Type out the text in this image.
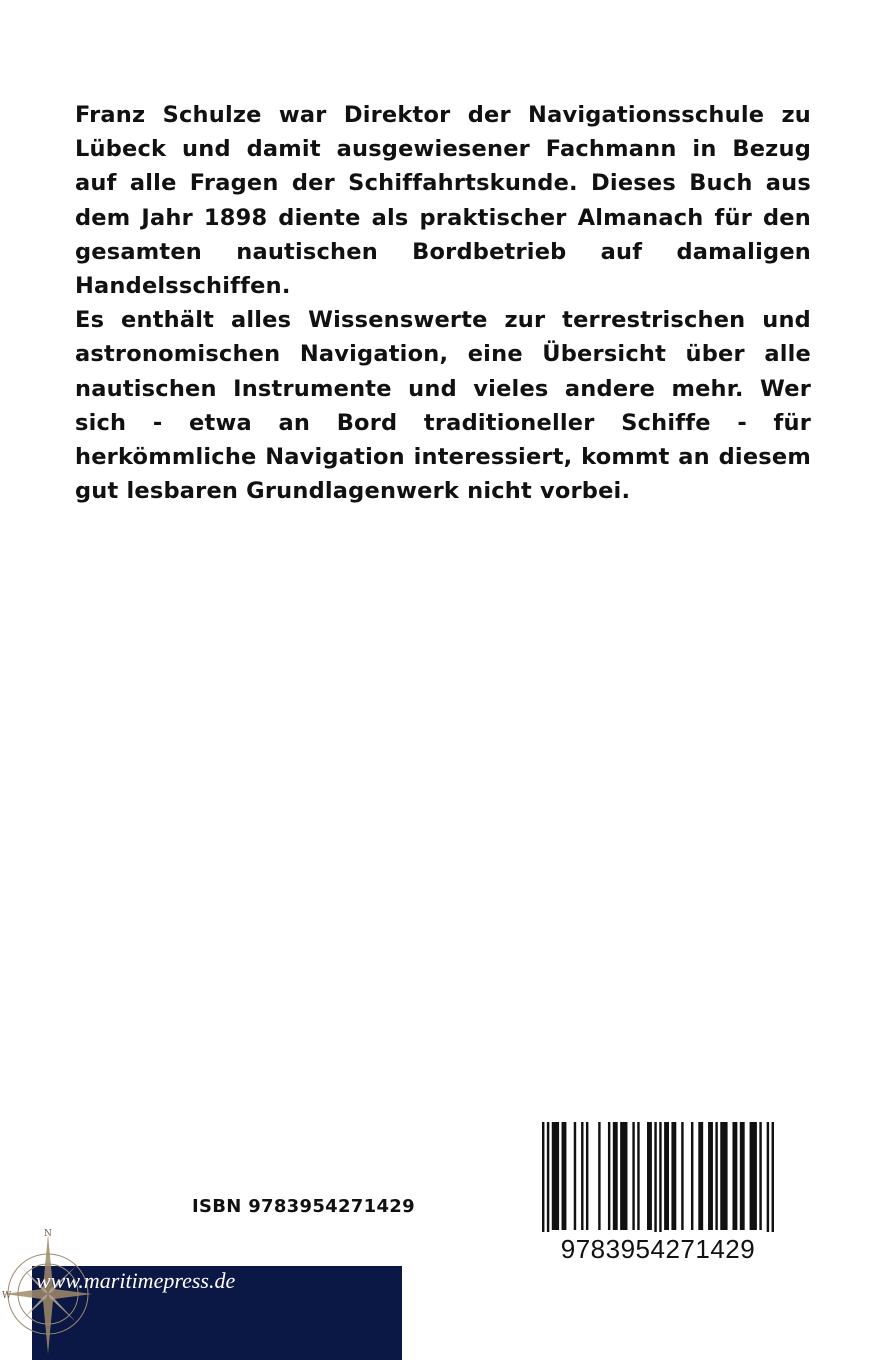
Franz Schulze war Direktor der Navigationsschule zu Lübeck und damit ausgewiesener Fachmann in Bezug auf alle Fragen der Schiffahrtskunde. Dieses Buch aus dem Jahr 1898 diente als praktischer Almanach für den gesamten nautischen Bordbetrieb auf damaligen Handelsschiffen.

Es enthält alles Wissenswerte zur terrestrischen und astronomischen Navigation, eine Übersicht über alle nautischen Instrumente und vieles andere mehr. Wer sich - etwa an Bord traditioneller Schiffe - für herkömmliche Navigation interessiert, kommt an diesem gut lesbaren Grundlagenwerk nicht vorbei.

ISBN 9783954271429
9783954271429
N
W
www.maritimepress.de
